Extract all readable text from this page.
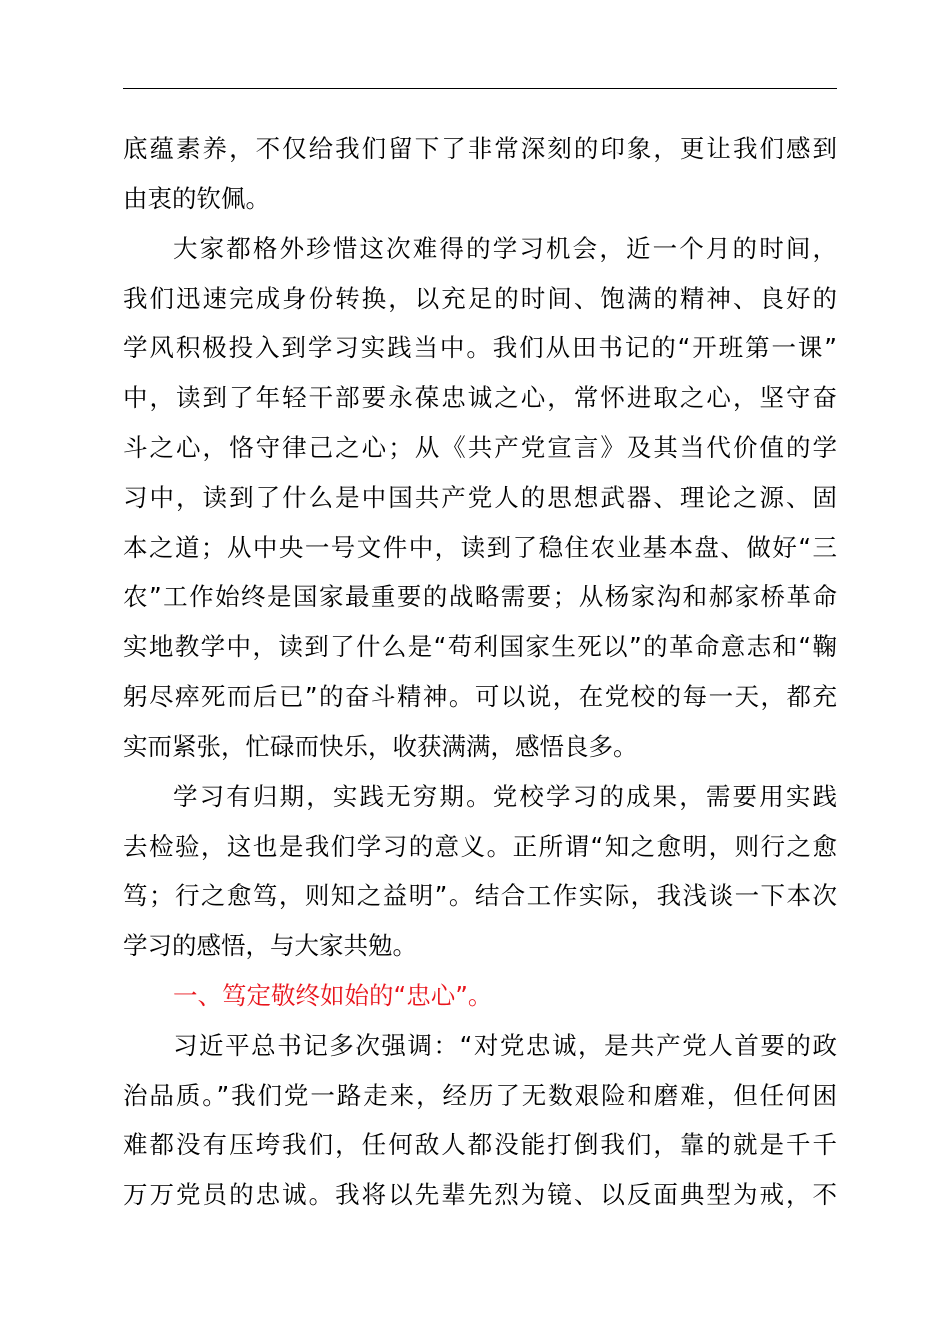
底蕴素养，不仅给我们留下了非常深刻的印象，更让我们感到
由衷的钦佩。
大家都格外珍惜这次难得的学习机会，近一个月的时间，
我们迅速完成身份转换，以充足的时间、饱满的精神、良好的
学风积极投入到学习实践当中。我们从田书记的“开班第一课”
中，读到了年轻干部要永葆忠诚之心，常怀进取之心，坚守奋
斗之心，恪守律己之心；从《共产党宣言》及其当代价值的学
习中，读到了什么是中国共产党人的思想武器、理论之源、固
本之道；从中央一号文件中，读到了稳住农业基本盘、做好“三
农”工作始终是国家最重要的战略需要；从杨家沟和郝家桥革命
实地教学中，读到了什么是“苟利国家生死以”的革命意志和“鞠
躬尽瘁死而后已”的奋斗精神。可以说，在党校的每一天，都充
实而紧张，忙碌而快乐，收获满满，感悟良多。
学习有归期，实践无穷期。党校学习的成果，需要用实践
去检验，这也是我们学习的意义。正所谓“知之愈明，则行之愈
笃；行之愈笃，则知之益明”。结合工作实际，我浅谈一下本次
学习的感悟，与大家共勉。
一、笃定敬终如始的“忠心”。
习近平总书记多次强调：“对党忠诚，是共产党人首要的政
治品质。”我们党一路走来，经历了无数艰险和磨难，但任何困
难都没有压垮我们，任何敌人都没能打倒我们，靠的就是千千
万万党员的忠诚。我将以先辈先烈为镜、以反面典型为戒，不
